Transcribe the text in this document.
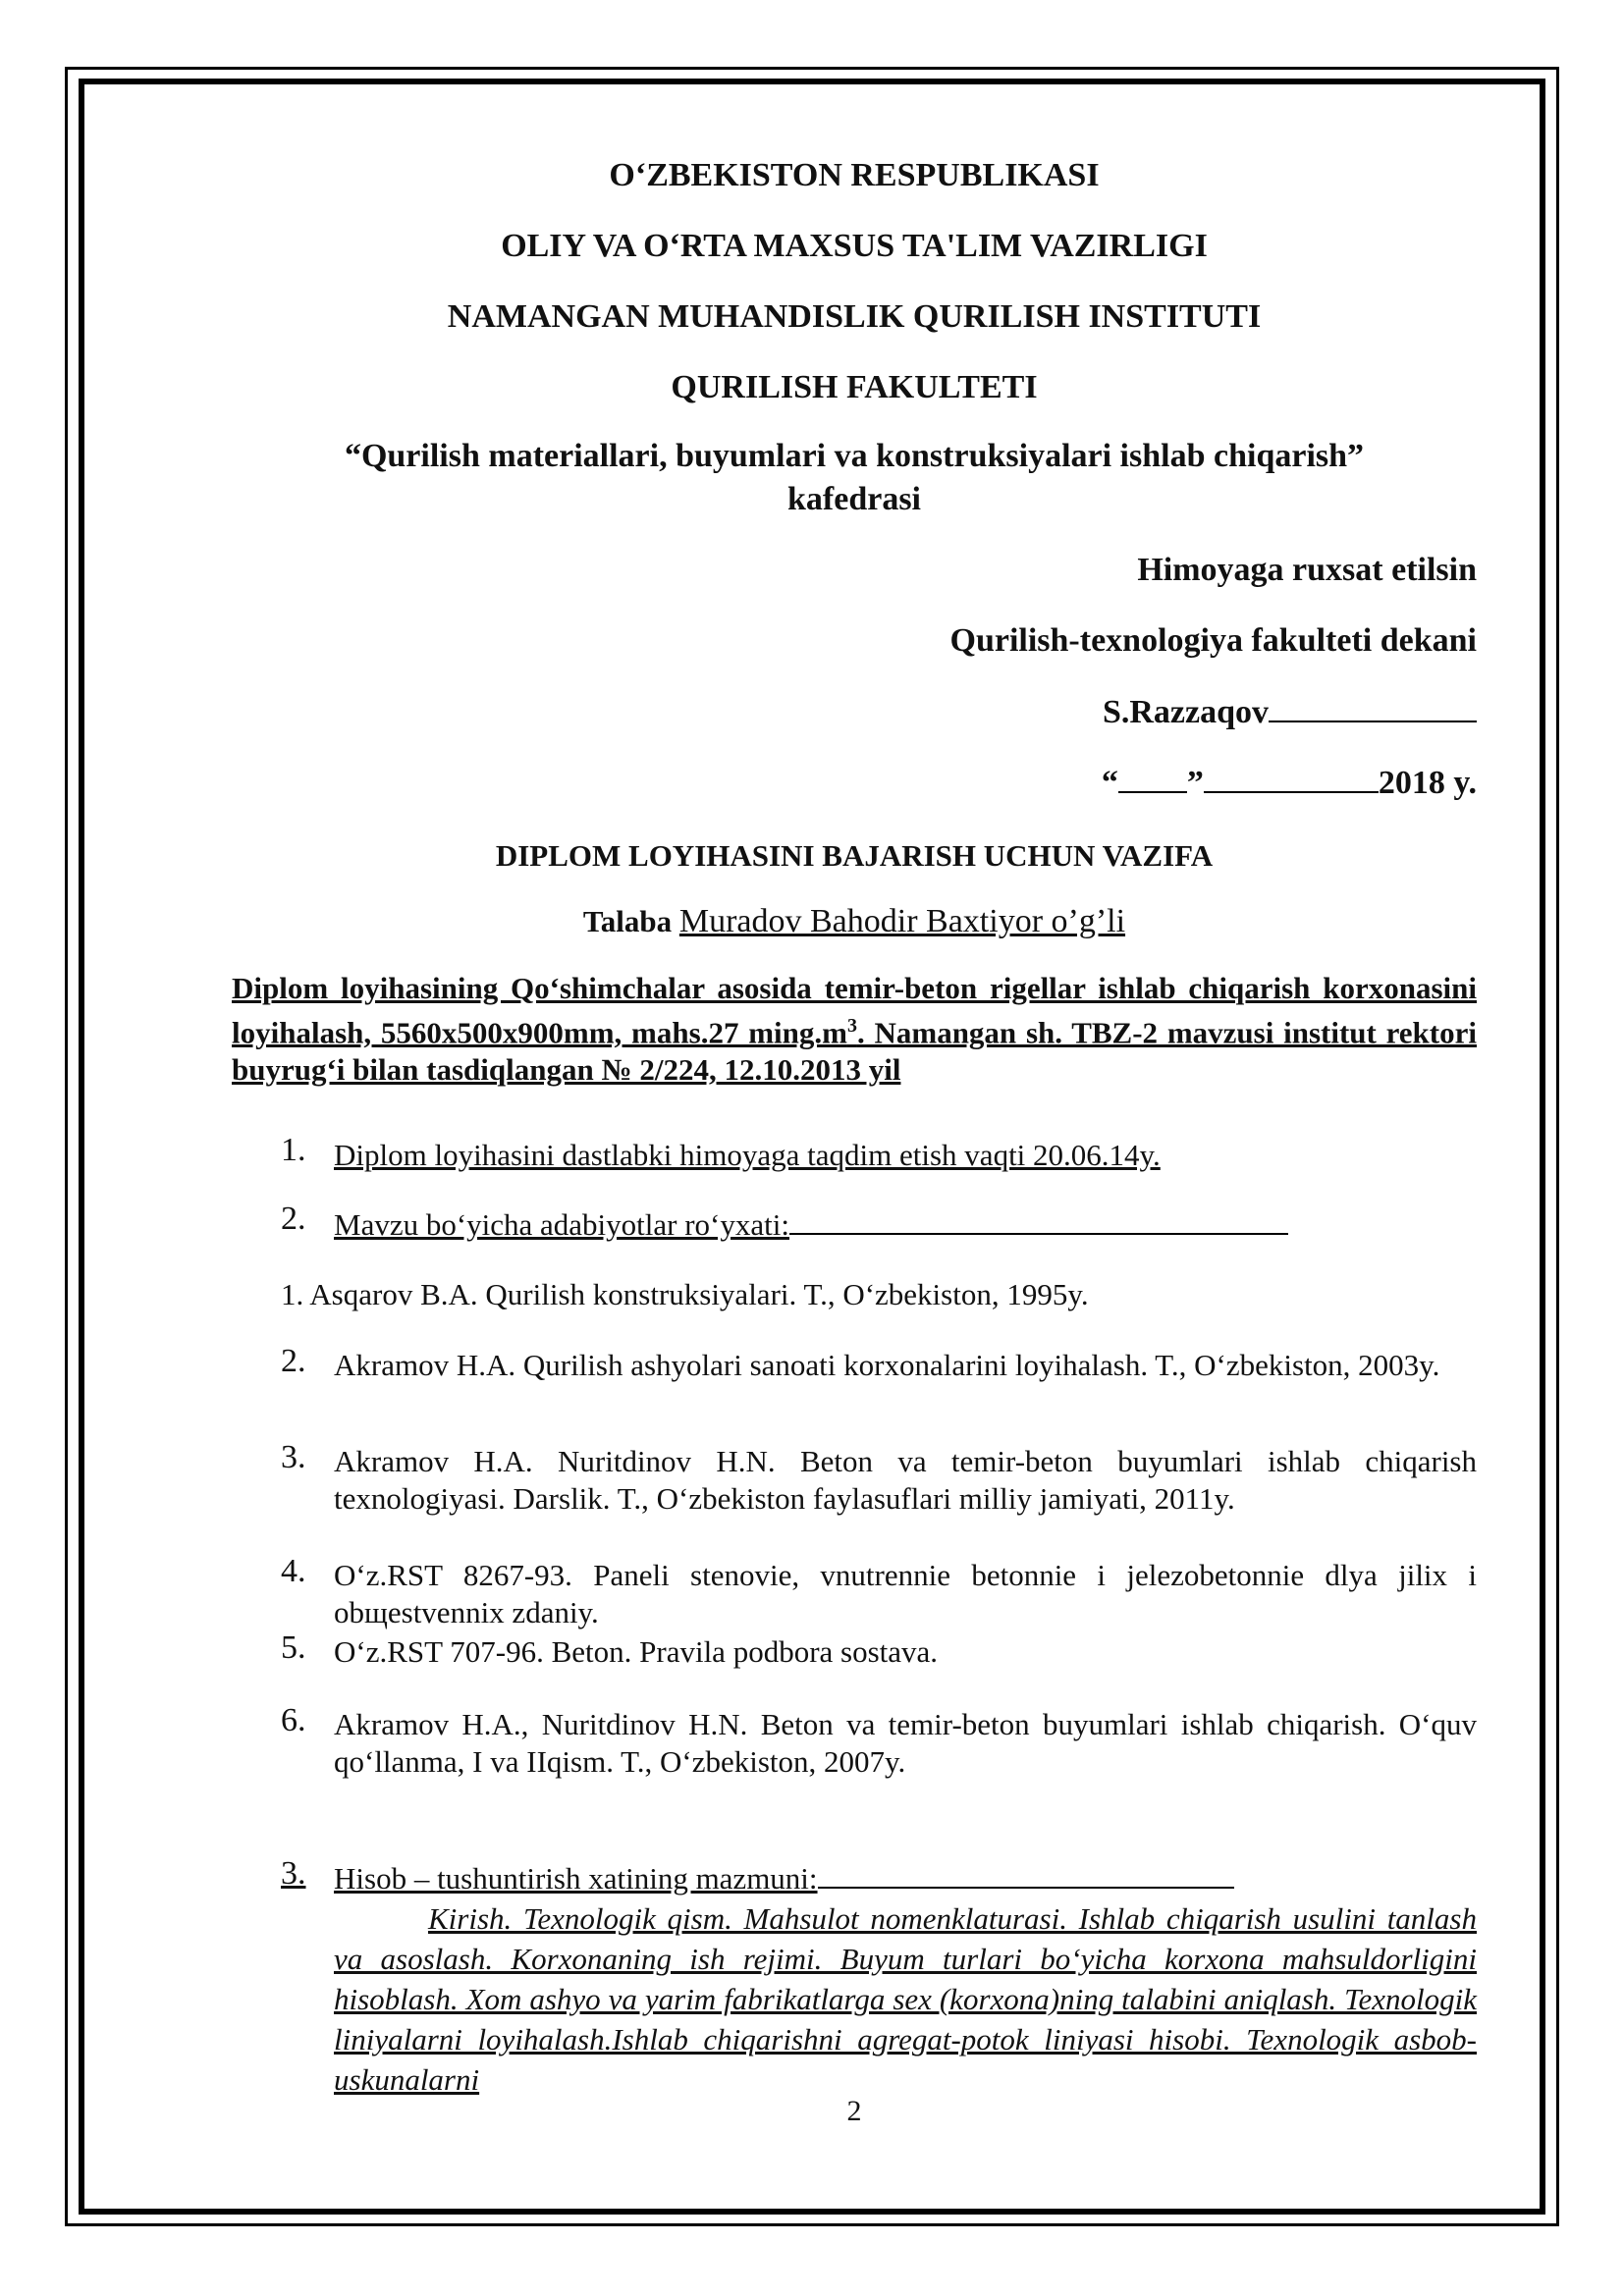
O‘ZBEKISTON RESPUBLIKASI

OLIY VA O‘RTA MAXSUS TA'LIM VAZIRLIGI

NAMANGAN MUHANDISLIK QURILISH INSTITUTI

QURILISH FAKULTETI

“Qurilish materiallari, buyumlari va konstruksiyalari ishlab chiqarish”

kafedrasi

Himoyaga ruxsat etilsin
Qurilish-texnologiya fakulteti dekani
S.Razzaqov
“ ”	2018 y.

DIPLOM LOYIHASINI BAJARISH UCHUN VAZIFA

Talaba Muradov Bahodir Baxtiyor o’g’li

Diplom loyihasining Qo‘shimchalar asosida temir-beton rigellar ishlab chiqarish korxonasini loyihalash, 5560x500x900mm, mahs.27 $\min g.m^3$. Namangan sh. TBZ-2 mavzusi institut rektori buyrug‘i bilan tasdiqlangan № 2/224, 12.10.2013 yil
1. Diplom loyihasini dastlabki himoyaga taqdim etish vaqti 20.06.14y.
2. Mavzu bo‘yicha adabiyotlar ro‘yxati:
1. Asqarov B.A. Qurilish konstruksiyalari. T., O‘zbekiston, 1995y.
2. Akramov H.A. Qurilish ashyolari sanoati korxonalarini loyihalash. T., O‘zbekiston, 2003y.
3. Akramov H.A. Nuritdinov H.N. Beton va temir-beton buyumlari ishlab chiqarish texnologiyasi. Darslik. T., O‘zbekiston faylasuflari milliy jamiyati, 2011y.
4. O‘z.RST 8267-93. Paneli stenovie, vnutrennie betonnie i jelezobetonnie dlya jilix i obщestvennix zdaniy.
5. O‘z.RST 707-96. Beton. Pravila podbora sostava.
6. Akramov H.A., Nuritdinov H.N. Beton va temir-beton buyumlari ishlab chiqarish. O‘quv qo‘llanma, I va IIqism. T., O‘zbekiston, 2007y.
3. Hisob – tushuntirish xatining mazmuni:
Kirish. Texnologik qism. Mahsulot nomenklaturasi. Ishlab chiqarish usulini tanlash va asoslash. Korxonaning ish rejimi. Buyum turlari bo‘yicha korxona mahsuldorligini hisoblash. Xom ashyo va yarim fabrikatlarga sex (korxona)ning talabini aniqlash. Texnologik liniyalarni loyihalash.Ishlab chiqarishni agregat-potok liniyasi hisobi. Texnologik asbob-uskunalarni
2
